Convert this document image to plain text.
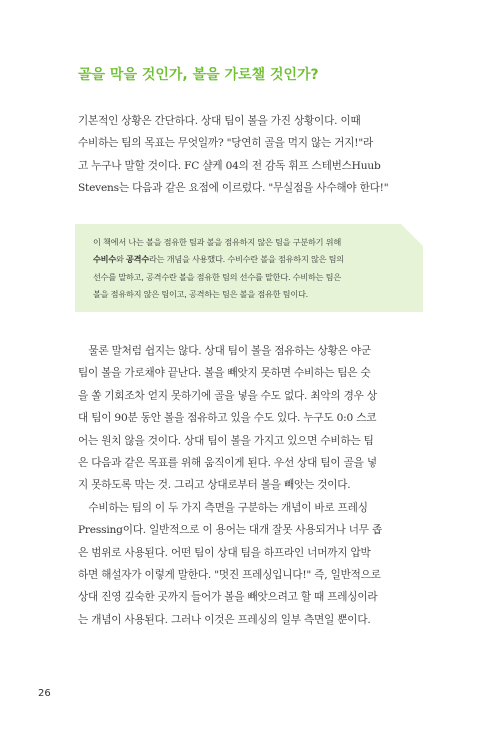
골을 막을 것인가, 볼을 가로챌 것인가?
기본적인 상황은 간단하다. 상대 팀이 볼을 가진 상황이다. 이때
수비하는 팀의 목표는 무엇일까? "당연히 골을 먹지 않는 거지!"라
고 누구나 말할 것이다. FC 샬케 04의 전 감독 휘프 스테번스Huub
Stevens는 다음과 같은 요점에 이르렀다. "무실점을 사수해야 한다!"
이 책에서 나는 볼을 점유한 팀과 볼을 점유하지 않은 팀을 구분하기 위해
수비수와 공격수라는 개념을 사용했다. 수비수란 볼을 점유하지 않은 팀의
선수를 말하고, 공격수란 볼을 점유한 팀의 선수를 말한다. 수비하는 팀은
볼을 점유하지 않은 팀이고, 공격하는 팀은 볼을 점유한 팀이다.
　물론 말처럼 쉽지는 않다. 상대 팀이 볼을 점유하는 상황은 야군
팀이 볼을 가로채야 끝난다. 볼을 빼앗지 못하면 수비하는 팀은 숫
을 쏠 기회조차 얻지 못하기에 골을 넣을 수도 없다. 최악의 경우 상
대 팀이 90분 동안 볼을 점유하고 있을 수도 있다. 누구도 0:0 스코
어는 원치 않을 것이다. 상대 팀이 볼을 가지고 있으면 수비하는 팀
은 다음과 같은 목표를 위해 움직이게 된다. 우선 상대 팀이 골을 넣
지 못하도록 막는 것. 그리고 상대로부터 볼을 빼앗는 것이다.
　수비하는 팀의 이 두 가지 측면을 구분하는 개념이 바로 프레싱
Pressing이다. 일반적으로 이 용어는 대개 잘못 사용되거나 너무 좁
은 범위로 사용된다. 어떤 팀이 상대 팀을 하프라인 너머까지 압박
하면 해설자가 이렇게 말한다. "멋진 프레싱입니다!" 즉, 일반적으로
상대 진영 깊숙한 곳까지 들어가 볼을 빼앗으려고 할 때 프레싱이라
는 개념이 사용된다. 그러나 이것은 프레싱의 일부 측면일 뿐이다.
26
